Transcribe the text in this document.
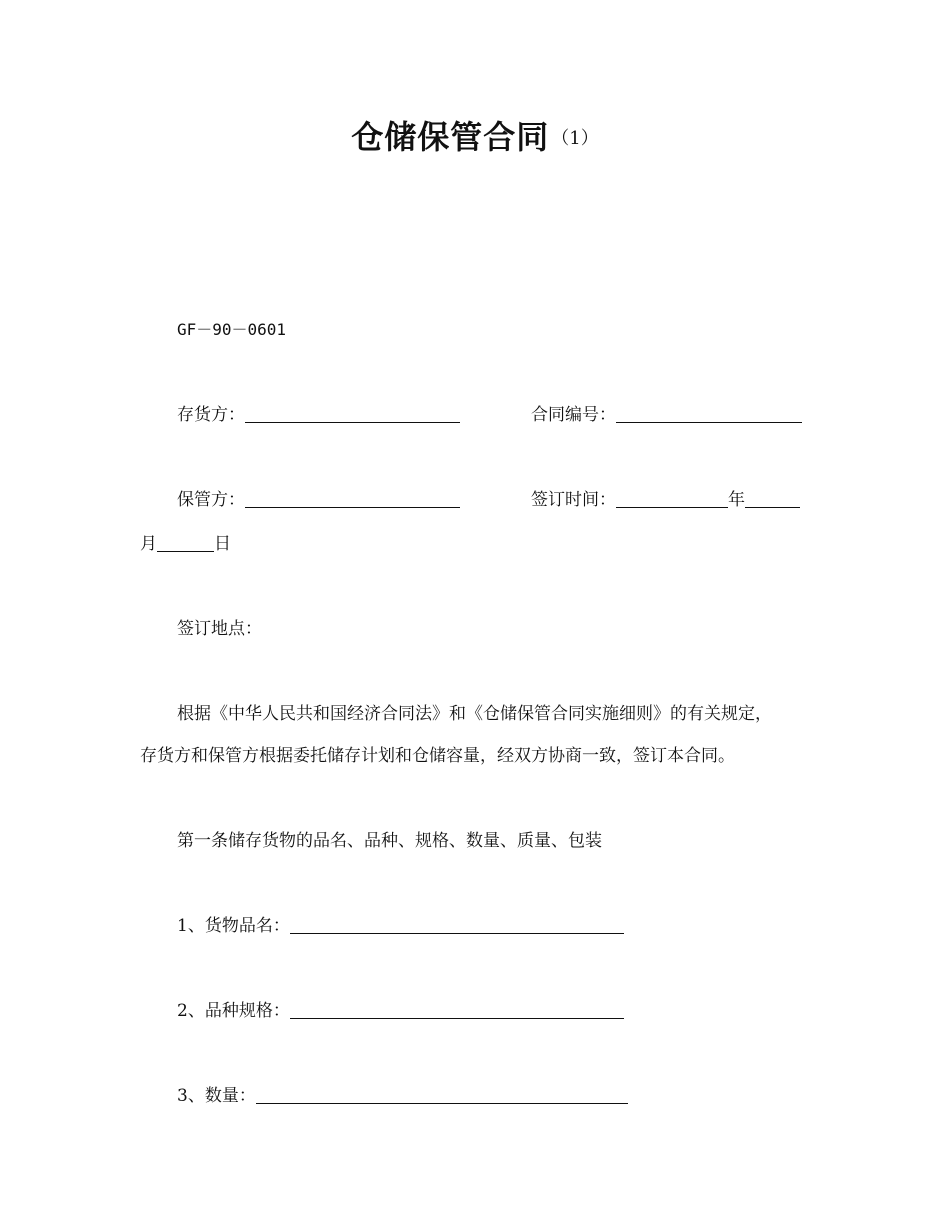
仓储保管合同 （1）
GF－90－0601
存货方：	合同编号：
保管方：	签订时间：	年
月	日
签订地点：
根据《中华人民共和国经济合同法》和《仓储保管合同实施细则》的有关规定，
存货方和保管方根据委托储存计划和仓储容量，经双方协商一致，签订本合同。
第一条储存货物的品名、品种、规格、数量、质量、包装
1、货物品名：
2、品种规格：
3、数量：
